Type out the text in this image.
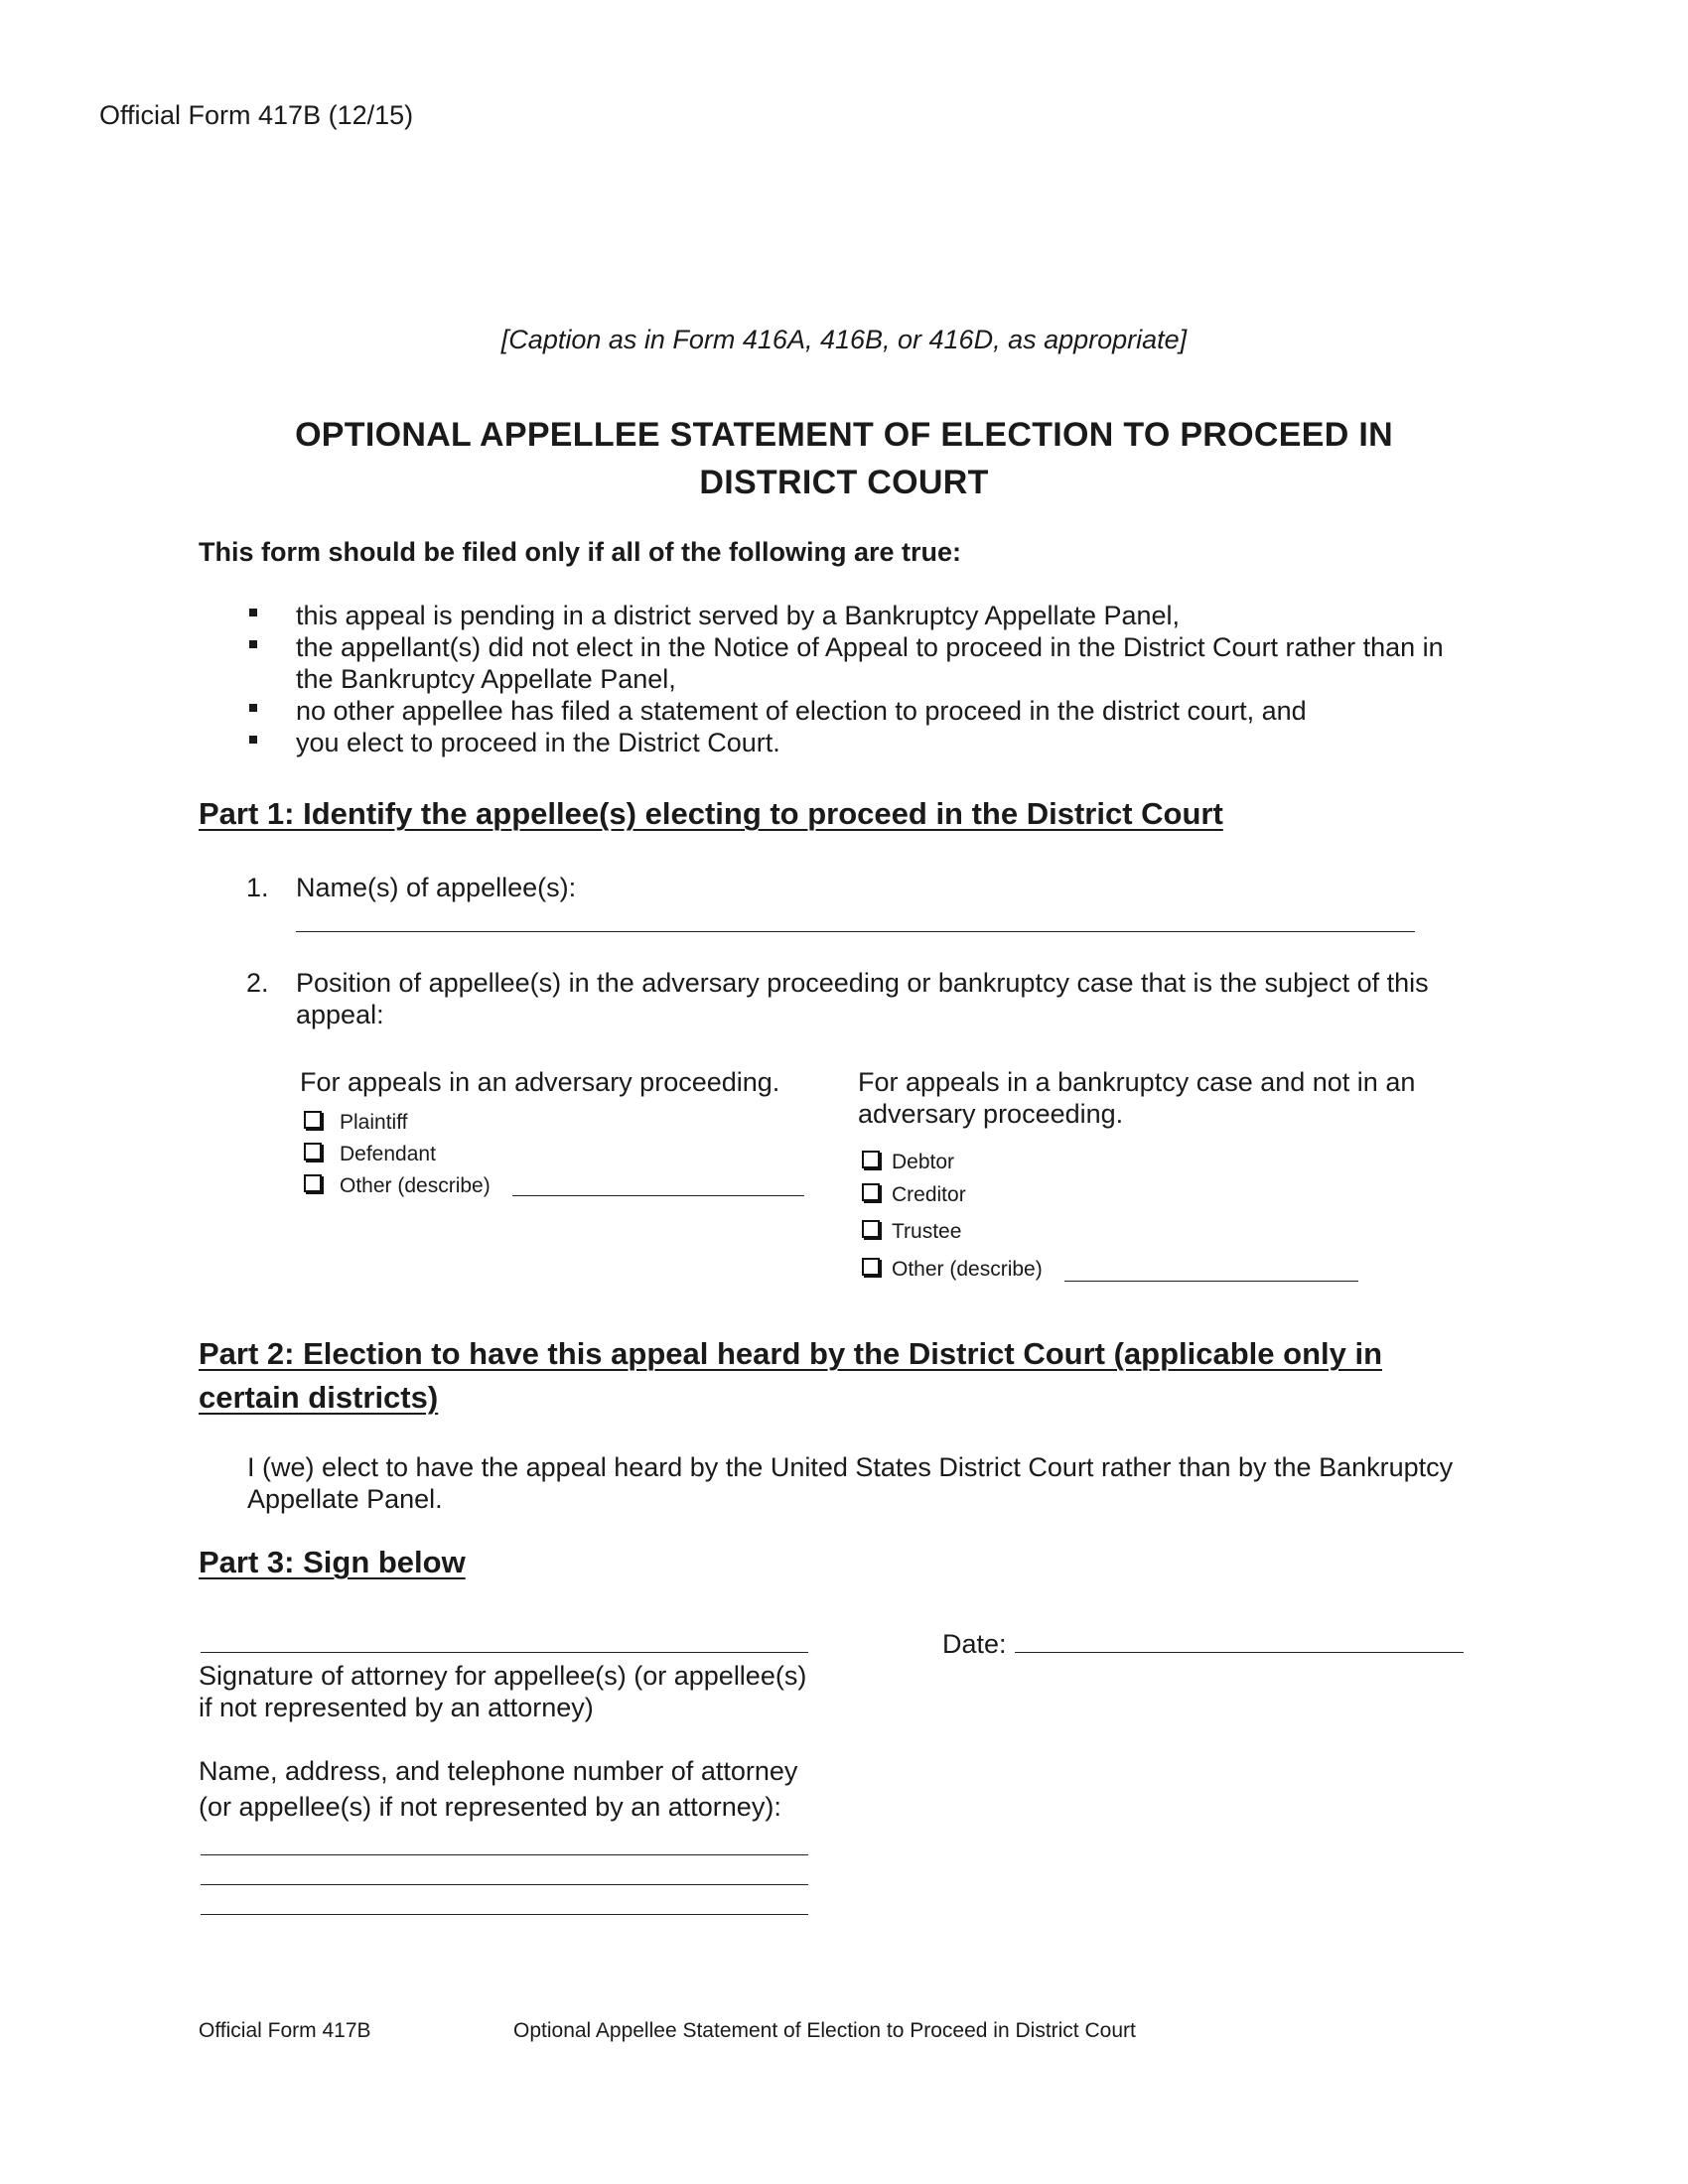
Official Form 417B (12/15)
[Caption as in Form 416A, 416B, or 416D, as appropriate]
OPTIONAL APPELLEE STATEMENT OF ELECTION TO PROCEED IN
DISTRICT COURT
This form should be filed only if all of the following are true:
this appeal is pending in a district served by a Bankruptcy Appellate Panel,
the appellant(s) did not elect in the Notice of Appeal to proceed in the District Court rather than in
the Bankruptcy Appellate Panel,
no other appellee has filed a statement of election to proceed in the district court, and
you elect to proceed in the District Court.
Part 1: Identify the appellee(s) electing to proceed in the District Court
1. Name(s) of appellee(s):
2. Position of appellee(s) in the adversary proceeding or bankruptcy case that is the subject of this
appeal:
For appeals in an adversary proceeding.
Plaintiff
Defendant
Other (describe)
For appeals in a bankruptcy case and not in an
adversary proceeding.
Debtor
Creditor
Trustee
Other (describe)
Part 2: Election to have this appeal heard by the District Court (applicable only in
certain districts)
I (we) elect to have the appeal heard by the United States District Court rather than by the Bankruptcy
Appellate Panel.
Part 3: Sign below
Date:
Signature of attorney for appellee(s) (or appellee(s)
if not represented by an attorney)
Name, address, and telephone number of attorney
(or appellee(s) if not represented by an attorney):
Official Form 417B	Optional Appellee Statement of Election to Proceed in District Court
